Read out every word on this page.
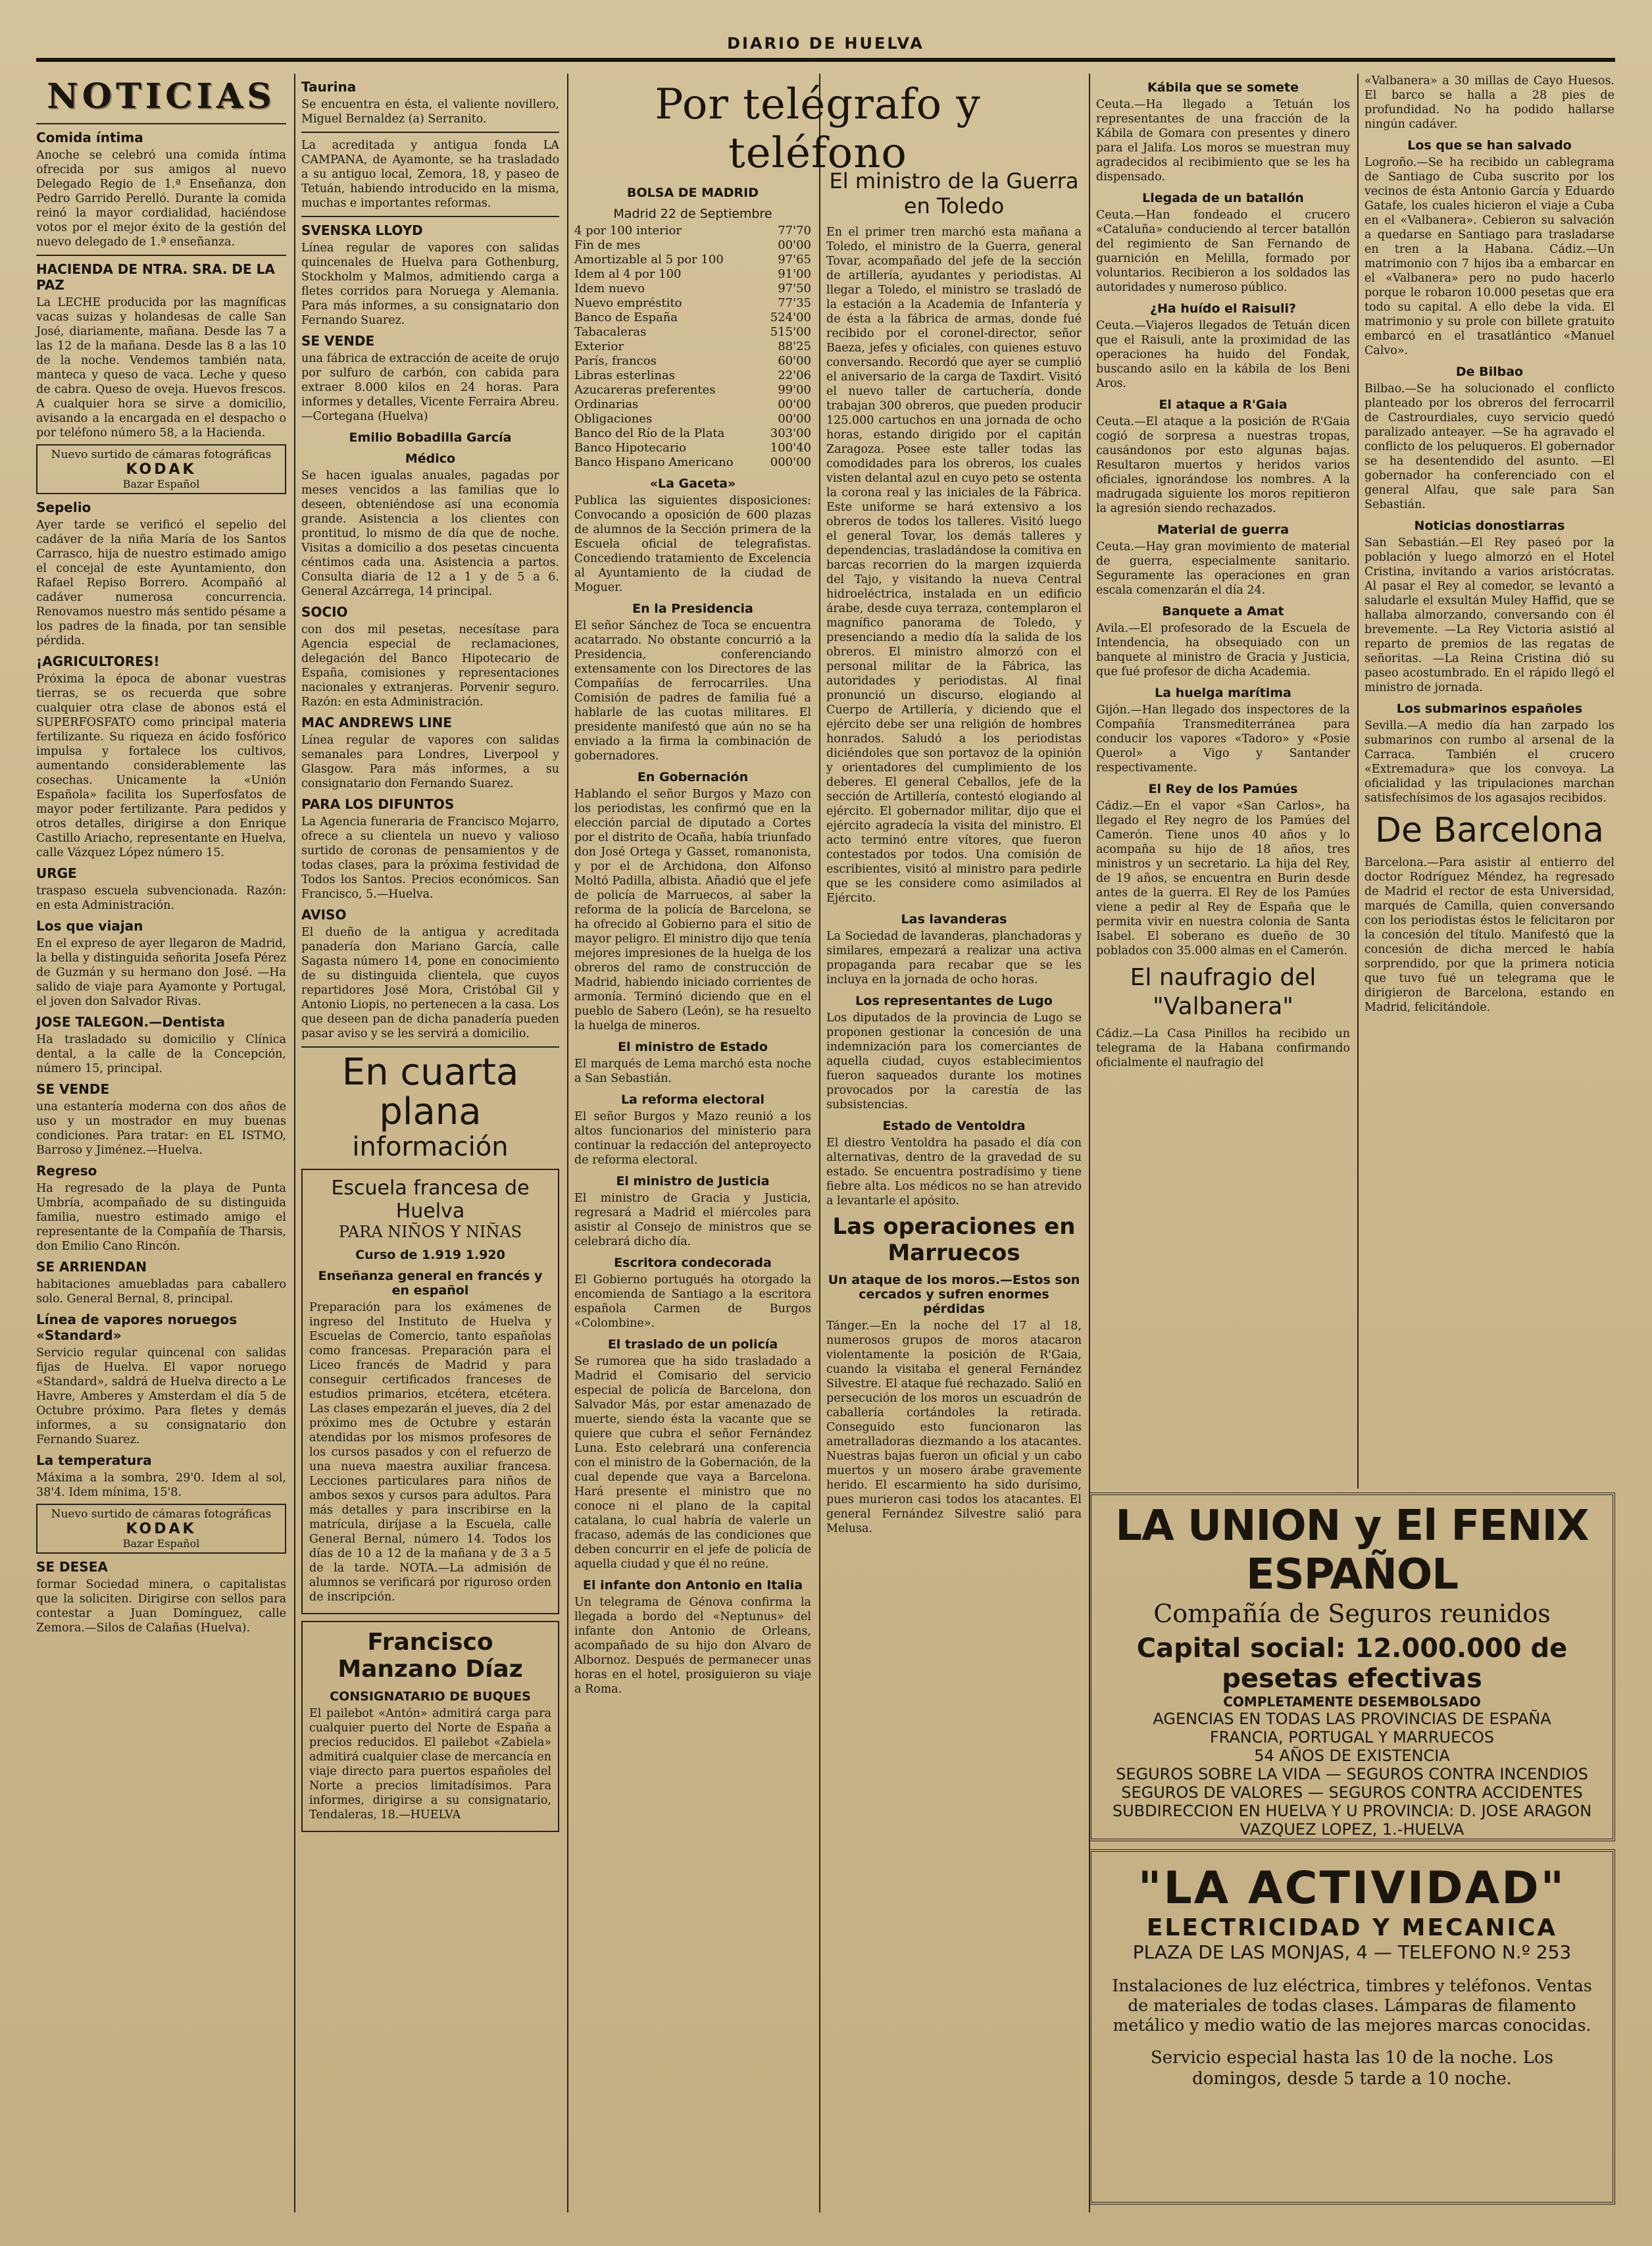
DIARIO DE HUELVA
NOTICIAS
Comida íntima
Anoche se celebró una comida íntima ofrecida por sus amigos al nuevo Delegado Regio de 1.ª Enseñanza, don Pedro Garrido Perelló. Durante la comida reinó la mayor cordialidad, haciéndose votos por el mejor éxito de la gestión del nuevo delegado de 1.ª enseñanza.
HACIENDA DE NTRA. SRA. DE LA PAZ
La LECHE producida por las magníficas vacas suizas y holandesas de calle San José, diariamente, mañana. Desde las 7 a las 12 de la mañana. Desde las 8 a las 10 de la noche. Vendemos también nata, manteca y queso de vaca. Leche y queso de cabra. Queso de oveja. Huevos frescos. A cualquier hora se sirve a domicilio, avisando a la encargada en el despacho o por teléfono número 58, a la Hacienda.
Nuevo surtido de cámaras fotográficas
KODAK
Bazar Español
Sepelio
Ayer tarde se verificó el sepelio del cadáver de la niña María de los Santos Carrasco, hija de nuestro estimado amigo el concejal de este Ayuntamiento, don Rafael Repiso Borrero. Acompañó al cadáver numerosa concurrencia. Renovamos nuestro más sentido pésame a los padres de la finada, por tan sensible pérdida.
¡AGRICULTORES!
Próxima la época de abonar vuestras tierras, se os recuerda que sobre cualquier otra clase de abonos está el SUPERFOSFATO como principal materia fertilizante. Su riqueza en ácido fosfórico impulsa y fortalece los cultivos, aumentando considerablemente las cosechas. Unicamente la «Unión Española» facilita los Superfosfatos de mayor poder fertilizante. Para pedidos y otros detalles, dirigirse a don Enrique Castillo Ariacho, representante en Huelva, calle Vázquez López número 15.
URGE
traspaso escuela subvencionada. Razón: en esta Administración.
Los que viajan
En el expreso de ayer llegaron de Madrid, la bella y distinguida señorita Josefa Pérez de Guzmán y su hermano don José. —Ha salido de viaje para Ayamonte y Portugal, el joven don Salvador Rivas.
JOSE TALEGON.—Dentista
Ha trasladado su domicilio y Clínica dental, a la calle de la Concepción, número 15, principal.
SE VENDE
una estantería moderna con dos años de uso y un mostrador en muy buenas condiciones. Para tratar: en EL ISTMO, Barroso y Jiménez.—Huelva.
Regreso
Ha regresado de la playa de Punta Umbría, acompañado de su distinguida familia, nuestro estimado amigo el representante de la Compañía de Tharsis, don Emilio Cano Rincón.
SE ARRIENDAN
habitaciones amuebladas para caballero solo. General Bernal, 8, principal.
Línea de vapores noruegos «Standard»
Servicio regular quincenal con salidas fijas de Huelva. El vapor noruego «Standard», saldrá de Huelva directo a Le Havre, Amberes y Amsterdam el día 5 de Octubre próximo. Para fletes y demás informes, a su consignatario don Fernando Suarez.
La temperatura
Máxima a la sombra, 29'0. Idem al sol, 38'4. Idem mínima, 15'8.
Nuevo surtido de cámaras fotográficas
KODAK
Bazar Español
SE DESEA
formar Sociedad minera, o capitalistas que la soliciten. Dirigirse con sellos para contestar a Juan Domínguez, calle Zemora.—Silos de Calañas (Huelva).
Taurina
Se encuentra en ésta, el valiente novillero, Miguel Bernaldez (a) Serranito.
La acreditada y antigua fonda LA CAMPANA, de Ayamonte, se ha trasladado a su antiguo local, Zemora, 18, y paseo de Tetuán, habiendo introducido en la misma, muchas e importantes reformas.
SVENSKA LLOYD
Línea regular de vapores con salidas quincenales de Huelva para Gothenburg, Stockholm y Malmos, admitiendo carga a fletes corridos para Noruega y Alemania. Para más informes, a su consignatario don Fernando Suarez.
SE VENDE
una fábrica de extracción de aceite de orujo por sulfuro de carbón, con cabida para extraer 8.000 kilos en 24 horas. Para informes y detalles, Vicente Ferraira Abreu.—Cortegana (Huelva)
Emilio Bobadilla García
Médico
Se hacen igualas anuales, pagadas por meses vencidos a las familias que lo deseen, obteniéndose así una economía grande. Asistencia a los clientes con prontitud, lo mismo de día que de noche. Visitas a domicilio a dos pesetas cincuenta céntimos cada una. Asistencia a partos. Consulta diaria de 12 a 1 y de 5 a 6. General Azcárrega, 14 principal.
SOCIO
con dos mil pesetas, necesítase para Agencia especial de reclamaciones, delegación del Banco Hipotecario de España, comisiones y representaciones nacionales y extranjeras. Porvenir seguro. Razón: en esta Administración.
MAC ANDREWS LINE
Línea regular de vapores con salidas semanales para Londres, Liverpool y Glasgow. Para más informes, a su consignatario don Fernando Suarez.
PARA LOS DIFUNTOS
La Agencia funeraria de Francisco Mojarro, ofrece a su clientela un nuevo y valioso surtido de coronas de pensamientos y de todas clases, para la próxima festividad de Todos los Santos. Precios económicos. San Francisco, 5.—Huelva.
AVISO
El dueño de la antigua y acreditada panadería don Mariano García, calle Sagasta número 14, pone en conocimiento de su distinguida clientela, que cuyos repartidores José Mora, Cristóbal Gil y Antonio Liopis, no pertenecen a la casa. Los que deseen pan de dicha panadería pueden pasar aviso y se les servirá a domicilio.
En cuarta plana
información
Escuela francesa de Huelva
PARA NIÑOS Y NIÑAS
Curso de 1.919 1.920
Enseñanza general en francés y en español
Preparación para los exámenes de ingreso del Instituto de Huelva y Escuelas de Comercio, tanto españolas como francesas. Preparación para el Liceo francés de Madrid y para conseguir certificados franceses de estudios primarios, etcétera, etcétera. Las clases empezarán el jueves, día 2 del próximo mes de Octubre y estarán atendidas por los mismos profesores de los cursos pasados y con el refuerzo de una nueva maestra auxiliar francesa. Lecciones particulares para niños de ambos sexos y cursos para adultos. Para más detalles y para inscribirse en la matrícula, diríjase a la Escuela, calle General Bernal, número 14. Todos los días de 10 a 12 de la mañana y de 3 a 5 de la tarde. NOTA.—La admisión de alumnos se verificará por riguroso orden de inscripción.
Francisco Manzano Díaz
CONSIGNATARIO DE BUQUES
El pailebot «Antón» admitirá carga para cualquier puerto del Norte de España a precios reducidos. El pailebot «Zabiela» admitirá cualquier clase de mercancía en viaje directo para puertos españoles del Norte a precios limitadísimos. Para informes, dirigirse a su consignatario, Tendaleras, 18.—HUELVA
Por telégrafo y teléfono
BOLSA DE MADRID
Madrid 22 de Septiembre
4 por 100 interior	77'70
Fin de mes	00'00
Amortizable al 5 por 100	97'65
Idem al 4 por 100	91'00
Idem nuevo	97'50
Nuevo empréstito	77'35
Banco de España	524'00
Tabacaleras	515'00
Exterior	88'25
París, francos	60'00
Libras esterlinas	22'06
Azucareras preferentes	99'00
Ordinarias	00'00
Obligaciones	00'00
Banco del Río de la Plata	303'00
Banco Hipotecario	100'40
Banco Hispano Americano	000'00
«La Gaceta»
Publica las siguientes disposiciones: Convocando a oposición de 600 plazas de alumnos de la Sección primera de la Escuela oficial de telegrafistas. Concediendo tratamiento de Excelencia al Ayuntamiento de la ciudad de Moguer.
En la Presidencia
El señor Sánchez de Toca se encuentra acatarrado. No obstante concurrió a la Presidencia, conferenciando extensamente con los Directores de las Compañías de ferrocarriles. Una Comisión de padres de familia fué a hablarle de las cuotas militares. El presidente manifestó que aún no se ha enviado a la firma la combinación de gobernadores.
En Gobernación
Hablando el señor Burgos y Mazo con los periodistas, les confirmó que en la elección parcial de diputado a Cortes por el distrito de Ocaña, había triunfado don José Ortega y Gasset, romanonista, y por el de Archidona, don Alfonso Moltó Padilla, albista. Añadió que el jefe de policía de Marruecos, al saber la reforma de la policía de Barcelona, se ha ofrecido al Gobierno para el sitio de mayor peligro. El ministro dijo que tenía mejores impresiones de la huelga de los obreros del ramo de construcción de Madrid, habiendo iniciado corrientes de armonía. Terminó diciendo que en el pueblo de Sabero (León), se ha resuelto la huelga de mineros.
El ministro de Estado
El marqués de Lema marchó esta noche a San Sebastián.
La reforma electoral
El señor Burgos y Mazo reunió a los altos funcionarios del ministerio para continuar la redacción del anteproyecto de reforma electoral.
El ministro de Justicia
El ministro de Gracia y Justicia, regresará a Madrid el miércoles para asistir al Consejo de ministros que se celebrará dicho día.
Escritora condecorada
El Gobierno portugués ha otorgado la encomienda de Santiago a la escritora española Carmen de Burgos «Colombine».
El traslado de un policía
Se rumorea que ha sido trasladado a Madrid el Comisario del servicio especial de policía de Barcelona, don Salvador Más, por estar amenazado de muerte, siendo ésta la vacante que se quiere que cubra el señor Fernández Luna. Esto celebrará una conferencia con el ministro de la Gobernación, de la cual depende que vaya a Barcelona. Hará presente el ministro que no conoce ni el plano de la capital catalana, lo cual habría de valerle un fracaso, además de las condiciones que deben concurrir en el jefe de policía de aquella ciudad y que él no reúne.
El infante don Antonio en Italia
Un telegrama de Génova confirma la llegada a bordo del «Neptunus» del infante don Antonio de Orleans, acompañado de su hijo don Alvaro de Albornoz. Después de permanecer unas horas en el hotel, prosiguieron su viaje a Roma.
El ministro de la Guerra en Toledo
En el primer tren marchó esta mañana a Toledo, el ministro de la Guerra, general Tovar, acompañado del jefe de la sección de artillería, ayudantes y periodistas. Al llegar a Toledo, el ministro se trasladó de la estación a la Academia de Infantería y de ésta a la fábrica de armas, donde fué recibido por el coronel-director, señor Baeza, jefes y oficiales, con quienes estuvo conversando. Recordó que ayer se cumplió el aniversario de la carga de Taxdirt. Visitó el nuevo taller de cartuchería, donde trabajan 300 obreros, que pueden producir 125.000 cartuchos en una jornada de ocho horas, estando dirigido por el capitán Zaragoza. Posee este taller todas las comodidades para los obreros, los cuales visten delantal azul en cuyo peto se ostenta la corona real y las iniciales de la Fábrica. Este uniforme se hará extensivo a los obreros de todos los talleres. Visitó luego el general Tovar, los demás talleres y dependencias, trasladándose la comitiva en barcas recorrien do la margen izquierda del Tajo, y visitando la nueva Central hidroeléctrica, instalada en un edificio árabe, desde cuya terraza, contemplaron el magnífico panorama de Toledo, y presenciando a medio día la salida de los obreros. El ministro almorzó con el personal militar de la Fábrica, las autoridades y periodistas. Al final pronunció un discurso, elogiando al Cuerpo de Artillería, y diciendo que el ejército debe ser una religión de hombres honrados. Saludó a los periodistas diciéndoles que son portavoz de la opinión y orientadores del cumplimiento de los deberes. El general Ceballos, jefe de la sección de Artillería, contestó elogiando al ejército. El gobernador militar, dijo que el ejército agradecía la visita del ministro. El acto terminó entre vítores, que fueron contestados por todos. Una comisión de escribientes, visitó al ministro para pedirle que se les considere como asimilados al Ejército.
Las lavanderas
La Sociedad de lavanderas, planchadoras y similares, empezará a realizar una activa propaganda para recabar que se les incluya en la jornada de ocho horas.
Los representantes de Lugo
Los diputados de la provincia de Lugo se proponen gestionar la concesión de una indemnización para los comerciantes de aquella ciudad, cuyos establecimientos fueron saqueados durante los motines provocados por la carestía de las subsistencias.
Estado de Ventoldra
El diestro Ventoldra ha pasado el día con alternativas, dentro de la gravedad de su estado. Se encuentra postradísimo y tiene fiebre alta. Los médicos no se han atrevido a levantarle el apósito.
Las operaciones en Marruecos
Un ataque de los moros.—Estos son cercados y sufren enormes pérdidas
Tánger.—En la noche del 17 al 18, numerosos grupos de moros atacaron violentamente la posición de R'Gaia, cuando la visitaba el general Fernández Silvestre. El ataque fué rechazado. Salió en persecución de los moros un escuadrón de caballería cortándoles la retirada. Conseguido esto funcionaron las ametralladoras diezmando a los atacantes. Nuestras bajas fueron un oficial y un cabo muertos y un mosero árabe gravemente herido. El escarmiento ha sido durísimo, pues murieron casi todos los atacantes. El general Fernández Silvestre salió para Melusa.
Kábila que se somete
Ceuta.—Ha llegado a Tetuán los representantes de una fracción de la Kábila de Gomara con presentes y dinero para el Jalifa. Los moros se muestran muy agradecidos al recibimiento que se les ha dispensado.
Llegada de un batallón
Ceuta.—Han fondeado el crucero «Cataluña» conduciendo al tercer batallón del regimiento de San Fernando de guarnición en Melilla, formado por voluntarios. Recibieron a los soldados las autoridades y numeroso público.
¿Ha huído el Raisuli?
Ceuta.—Viajeros llegados de Tetuán dicen que el Raisuli, ante la proximidad de las operaciones ha huido del Fondak, buscando asilo en la kábila de los Beni Aros.
El ataque a R'Gaia
Ceuta.—El ataque a la posición de R'Gaia cogió de sorpresa a nuestras tropas, causándonos por esto algunas bajas. Resultaron muertos y heridos varios oficiales, ignorándose los nombres. A la madrugada siguiente los moros repitieron la agresión siendo rechazados.
Material de guerra
Ceuta.—Hay gran movimiento de material de guerra, especialmente sanitario. Seguramente las operaciones en gran escala comenzarán el día 24.
Banquete a Amat
Avila.—El profesorado de la Escuela de Intendencia, ha obsequiado con un banquete al ministro de Gracia y Justicia, que fué profesor de dicha Academia.
La huelga marítima
Gijón.—Han llegado dos inspectores de la Compañía Transmediterránea para conducir los vapores «Tadoro» y «Posie Querol» a Vigo y Santander respectivamente.
El Rey de los Pamúes
Cádiz.—En el vapor «San Carlos», ha llegado el Rey negro de los Pamúes del Camerón. Tiene unos 40 años y lo acompaña su hijo de 18 años, tres ministros y un secretario. La hija del Rey, de 19 años, se encuentra en Burin desde antes de la guerra. El Rey de los Pamúes viene a pedir al Rey de España que le permita vivir en nuestra colonia de Santa Isabel. El soberano es dueño de 30 poblados con 35.000 almas en el Camerón.
El naufragio del "Valbanera"
Cádiz.—La Casa Pinillos ha recibido un telegrama de la Habana confirmando oficialmente el naufragio del
«Valbanera» a 30 millas de Cayo Huesos. El barco se halla a 28 pies de profundidad. No ha podido hallarse ningún cadáver.
Los que se han salvado
Logroño.—Se ha recibido un cablegrama de Santiago de Cuba suscrito por los vecinos de ésta Antonio García y Eduardo Gatafe, los cuales hicieron el viaje a Cuba en el «Valbanera». Cebieron su salvación a quedarse en Santiago para trasladarse en tren a la Habana. Cádiz.—Un matrimonio con 7 hijos iba a embarcar en el «Valbanera» pero no pudo hacerlo porque le robaron 10.000 pesetas que era todo su capital. A ello debe la vida. El matrimonio y su prole con billete gratuito embarcó en el trasatlántico «Manuel Calvo».
De Bilbao
Bilbao.—Se ha solucionado el conflicto planteado por los obreros del ferrocarril de Castrourdiales, cuyo servicio quedó paralizado anteayer. —Se ha agravado el conflicto de los peluqueros. El gobernador se ha desentendido del asunto. —El gobernador ha conferenciado con el general Alfau, que sale para San Sebastián.
Noticias donostiarras
San Sebastián.—El Rey paseó por la población y luego almorzó en el Hotel Cristina, invitando a varios aristócratas. Al pasar el Rey al comedor, se levantó a saludarle el exsultán Muley Haffid, que se hallaba almorzando, conversando con él brevemente. —La Rey Victoria asistió al reparto de premios de las regatas de señoritas. —La Reina Cristina dió su paseo acostumbrado. En el rápido llegó el ministro de jornada.
Los submarinos españoles
Sevilla.—A medio día han zarpado los submarinos con rumbo al arsenal de la Carraca. También el crucero «Extremadura» que los convoya. La oficialidad y las tripulaciones marchan satisfechísimos de los agasajos recibidos.
De Barcelona
Barcelona.—Para asistir al entierro del doctor Rodríguez Méndez, ha regresado de Madrid el rector de esta Universidad, marqués de Camilla, quien conversando con los periodistas éstos le felicitaron por la concesión del título. Manifestó que la concesión de dicha merced le había sorprendido, por que la primera noticia que tuvo fué un telegrama que le dirigieron de Barcelona, estando en Madrid, felicitándole.
LA UNION y El FENIX ESPAÑOL
Compañía de Seguros reunidos
Capital social: 12.000.000 de pesetas efectivas
COMPLETAMENTE DESEMBOLSADO
AGENCIAS EN TODAS LAS PROVINCIAS DE ESPAÑA
FRANCIA, PORTUGAL Y MARRUECOS
54 AÑOS DE EXISTENCIA
SEGUROS SOBRE LA VIDA — SEGUROS CONTRA INCENDIOS
SEGUROS DE VALORES — SEGUROS CONTRA ACCIDENTES
SUBDIRECCION EN HUELVA Y U PROVINCIA: D. JOSE ARAGON
VAZQUEZ LOPEZ, 1.-HUELVA
"LA ACTIVIDAD"
ELECTRICIDAD Y MECANICA
PLAZA DE LAS MONJAS, 4 — TELEFONO N.º 253
Instalaciones de luz eléctrica, timbres y teléfonos. Ventas de materiales de todas clases. Lámparas de filamento metálico y medio watio de las mejores marcas conocidas.
Servicio especial hasta las 10 de la noche. Los domingos, desde 5 tarde a 10 noche.
